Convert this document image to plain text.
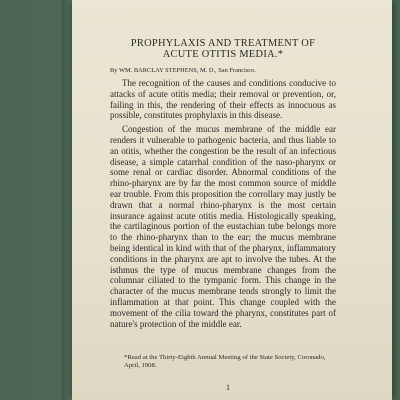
PROPHYLAXIS AND TREATMENT OF
ACUTE OTITIS MEDIA.*
By WM. BARCLAY STEPHENS, M. D., San Francisco.

The recognition of the causes and conditions conducive to attacks of acute otitis media; their removal or prevention, or, failing in this, the rendering of their effects as innocuous as possible, constitutes prophylaxis in this disease.

Congestion of the mucus membrane of the middle ear renders it vulnerable to pathogenic bacteria, and thus liable to an otitis, whether the congestion be the result of an infectious disease, a simple catarrhal condition of the naso-pharynx or some renal or cardiac disorder. Abnormal conditions of the rhino-pharynx are by far the most common source of middle ear trouble. From this proposition the corrollary may justly be drawn that a normal rhino-pharynx is the most certain insurance against acute otitis media. Histologically speaking, the cartilaginous portion of the eustachian tube belongs more to the rhino-pharynx than to the ear; the mucus membrane being identical in kind with that of the pharynx, inflammatory conditions in the pharynx are apt to involve the tubes. At the isthmus the type of mucus membrane changes from the columnar ciliated to the tympanic form. This change in the character of the mucus membrane tends strongly to limit the inflammation at that point. This change coupled with the movement of the cilia toward the pharynx, constitutes part of nature's protection of the middle ear.

*Read at the Thirty-Eighth Annual Meeting of the State Society, Coronado, April, 1908.
1
